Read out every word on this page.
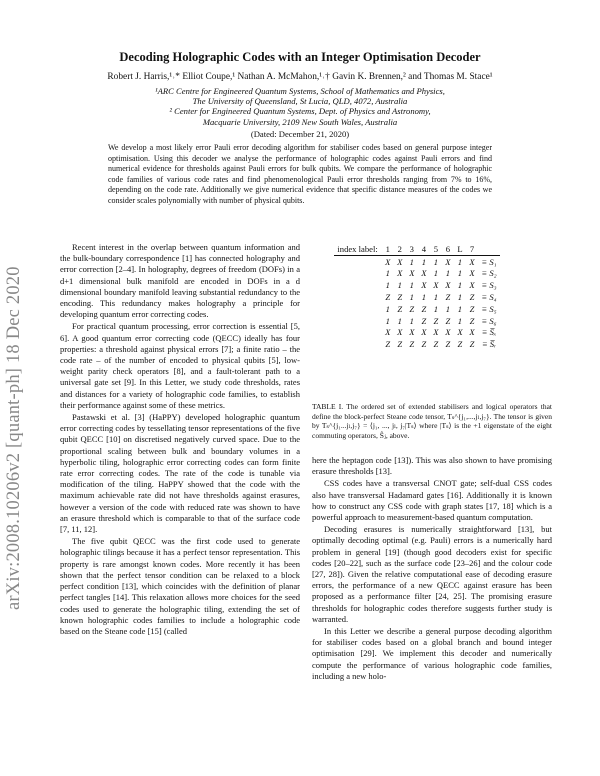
arXiv:2008.10206v2 [quant-ph] 18 Dec 2020
Decoding Holographic Codes with an Integer Optimisation Decoder
Robert J. Harris,¹˒* Elliot Coupe,¹ Nathan A. McMahon,¹˒† Gavin K. Brennen,² and Thomas M. Stace¹
¹ARC Centre for Engineered Quantum Systems, School of Mathematics and Physics,
The University of Queensland, St Lucia, QLD, 4072, Australia
² Center for Engineered Quantum Systems, Dept. of Physics and Astronomy,
Macquarie University, 2109 New South Wales, Australia
(Dated: December 21, 2020)
We develop a most likely error Pauli error decoding algorithm for stabiliser codes based on general purpose integer optimisation. Using this decoder we analyse the performance of holographic codes against Pauli errors and find numerical evidence for thresholds against Pauli errors for bulk qubits. We compare the performance of holographic code families of various code rates and find phenomenological Pauli error thresholds ranging from 7% to 16%, depending on the code rate. Additionally we give numerical evidence that specific distance measures of the codes we consider scales polynomially with number of physical qubits.

Recent interest in the overlap between quantum information and the bulk-boundary correspondence [1] has connected holography and error correction [2–4]. In holography, degrees of freedom (DOFs) in a d+1 dimensional bulk manifold are encoded in DOFs in a d dimensional boundary manifold leaving substantial redundancy to the encoding. This redundancy makes holography a principle for developing quantum error correcting codes.

For practical quantum processing, error correction is essential [5, 6]. A good quantum error correcting code (QECC) ideally has four properties: a threshold against physical errors [7]; a finite ratio – the code rate – of the number of encoded to physical qubits [5], low-weight parity check operators [8], and a fault-tolerant path to a universal gate set [9]. In this Letter, we study code thresholds, rates and distances for a variety of holographic code families, to establish their performance against some of these metrics.

Pastawski et al. [3] (HaPPY) developed holographic quantum error correcting codes by tessellating tensor representations of the five qubit QECC [10] on discretised negatively curved space. Due to the proportional scaling between bulk and boundary volumes in a hyperbolic tiling, holographic error correcting codes can form finite rate error correcting codes. The rate of the code is tunable via modification of the tiling. HaPPY showed that the code with the maximum achievable rate did not have thresholds against erasures, however a version of the code with reduced rate was shown to have an erasure threshold which is comparable to that of the surface code [7, 11, 12].

The five qubit QECC was the first code used to generate holographic tilings because it has a perfect tensor representation. This property is rare amongst known codes. More recently it has been shown that the perfect tensor condition can be relaxed to a block perfect condition [13], which coincides with the definition of planar perfect tangles [14]. This relaxation allows more choices for the seed codes used to generate the holographic tiling, extending the set of known holographic codes families to include a holographic code based on the Steane code [15] (called

index label:	1	2	3	4	5	6	L	7	
	X	X	1	1	1	X	1	X	≡ S₁
	1	X	X	X	1	1	1	X	≡ S₂
	1	1	1	X	X	X	1	X	≡ S₃
	Z	Z	1	1	1	Z	1	Z	≡ S₄
	1	Z	Z	Z	1	1	1	Z	≡ S₅
	1	1	1	Z	Z	Z	1	Z	≡ S₆
	X	X	X	X	X	X	X	X	≡ S̅ₓ
	Z	Z	Z	Z	Z	Z	Z	Z	≡ S̅ᵣ
TABLE I. The ordered set of extended stabilisers and logical operators that define the block-perfect Steane code tensor, Tₛ^{j₁,...,jₗ,j₇}. The tensor is given by Tₛ^{j₁...jₗ,j₇} = ⟨j₁, ..., jₗ, j₇|Tₛ⟩ where |Tₛ⟩ is the +1 eigenstate of the eight commuting operators, Ŝⱼ, above.

here the heptagon code [13]). This was also shown to have promising erasure thresholds [13].

CSS codes have a transversal CNOT gate; self-dual CSS codes also have transversal Hadamard gates [16]. Additionally it is known how to construct any CSS code with graph states [17, 18] which is a powerful approach to measurement-based quantum computation.

Decoding erasures is numerically straightforward [13], but optimally decoding optimal (e.g. Pauli) errors is a numerically hard problem in general [19] (though good decoders exist for specific codes [20–22], such as the surface code [23–26] and the colour code [27, 28]). Given the relative computational ease of decoding erasure errors, the performance of a new QECC against erasure has been proposed as a performance filter [24, 25]. The promising erasure thresholds for holographic codes therefore suggests further study is warranted.

In this Letter we describe a general purpose decoding algorithm for stabiliser codes based on a global branch and bound integer optimisation [29]. We implement this decoder and numerically compute the performance of various holographic code families, including a new holo-
